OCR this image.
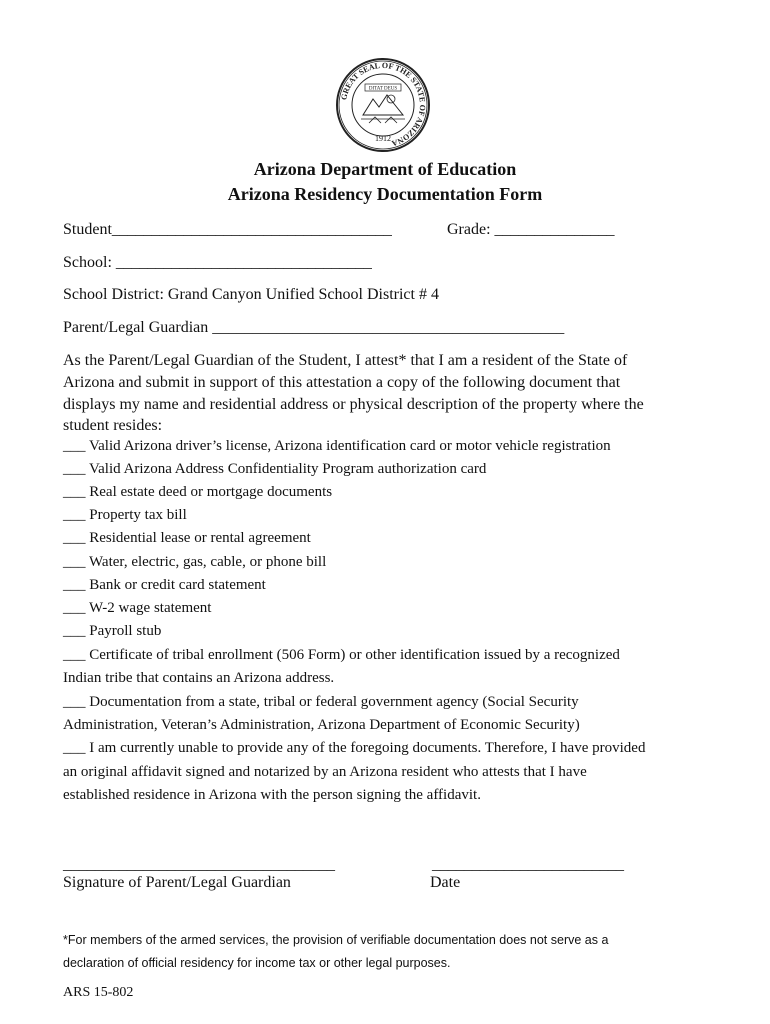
GREAT SEAL OF THE STATE OF ARIZONA
DITAT DEUS
1912
Arizona Department of Education
Arizona Residency Documentation Form
Student___________________________________	Grade: _______________
School: ________________________________
School District: Grand Canyon Unified School District # 4
Parent/Legal Guardian ____________________________________________
As the Parent/Legal Guardian of the Student, I attest* that I am a resident of the State of
Arizona and submit in support of this attestation a copy of the following document that
displays my name and residential address or physical description of the property where the
student resides:
___ Valid Arizona driver’s license, Arizona identification card or motor vehicle registration
___ Valid Arizona Address Confidentiality Program authorization card
___ Real estate deed or mortgage documents
___ Property tax bill
___ Residential lease or rental agreement
___ Water, electric, gas, cable, or phone bill
___ Bank or credit card statement
___ W-2 wage statement
___ Payroll stub
___ Certificate of tribal enrollment (506 Form) or other identification issued by a recognized
Indian tribe that contains an Arizona address.
___ Documentation from a state, tribal or federal government agency (Social Security
Administration, Veteran’s Administration, Arizona Department of Economic Security)
___ I am currently unable to provide any of the foregoing documents. Therefore, I have provided
an original affidavit signed and notarized by an Arizona resident who attests that I have
established residence in Arizona with the person signing the affidavit.
__________________________________	________________________
Signature of Parent/Legal Guardian	Date
*For members of the armed services, the provision of verifiable documentation does not serve as a
declaration of official residency for income tax or other legal purposes.
ARS 15-802
